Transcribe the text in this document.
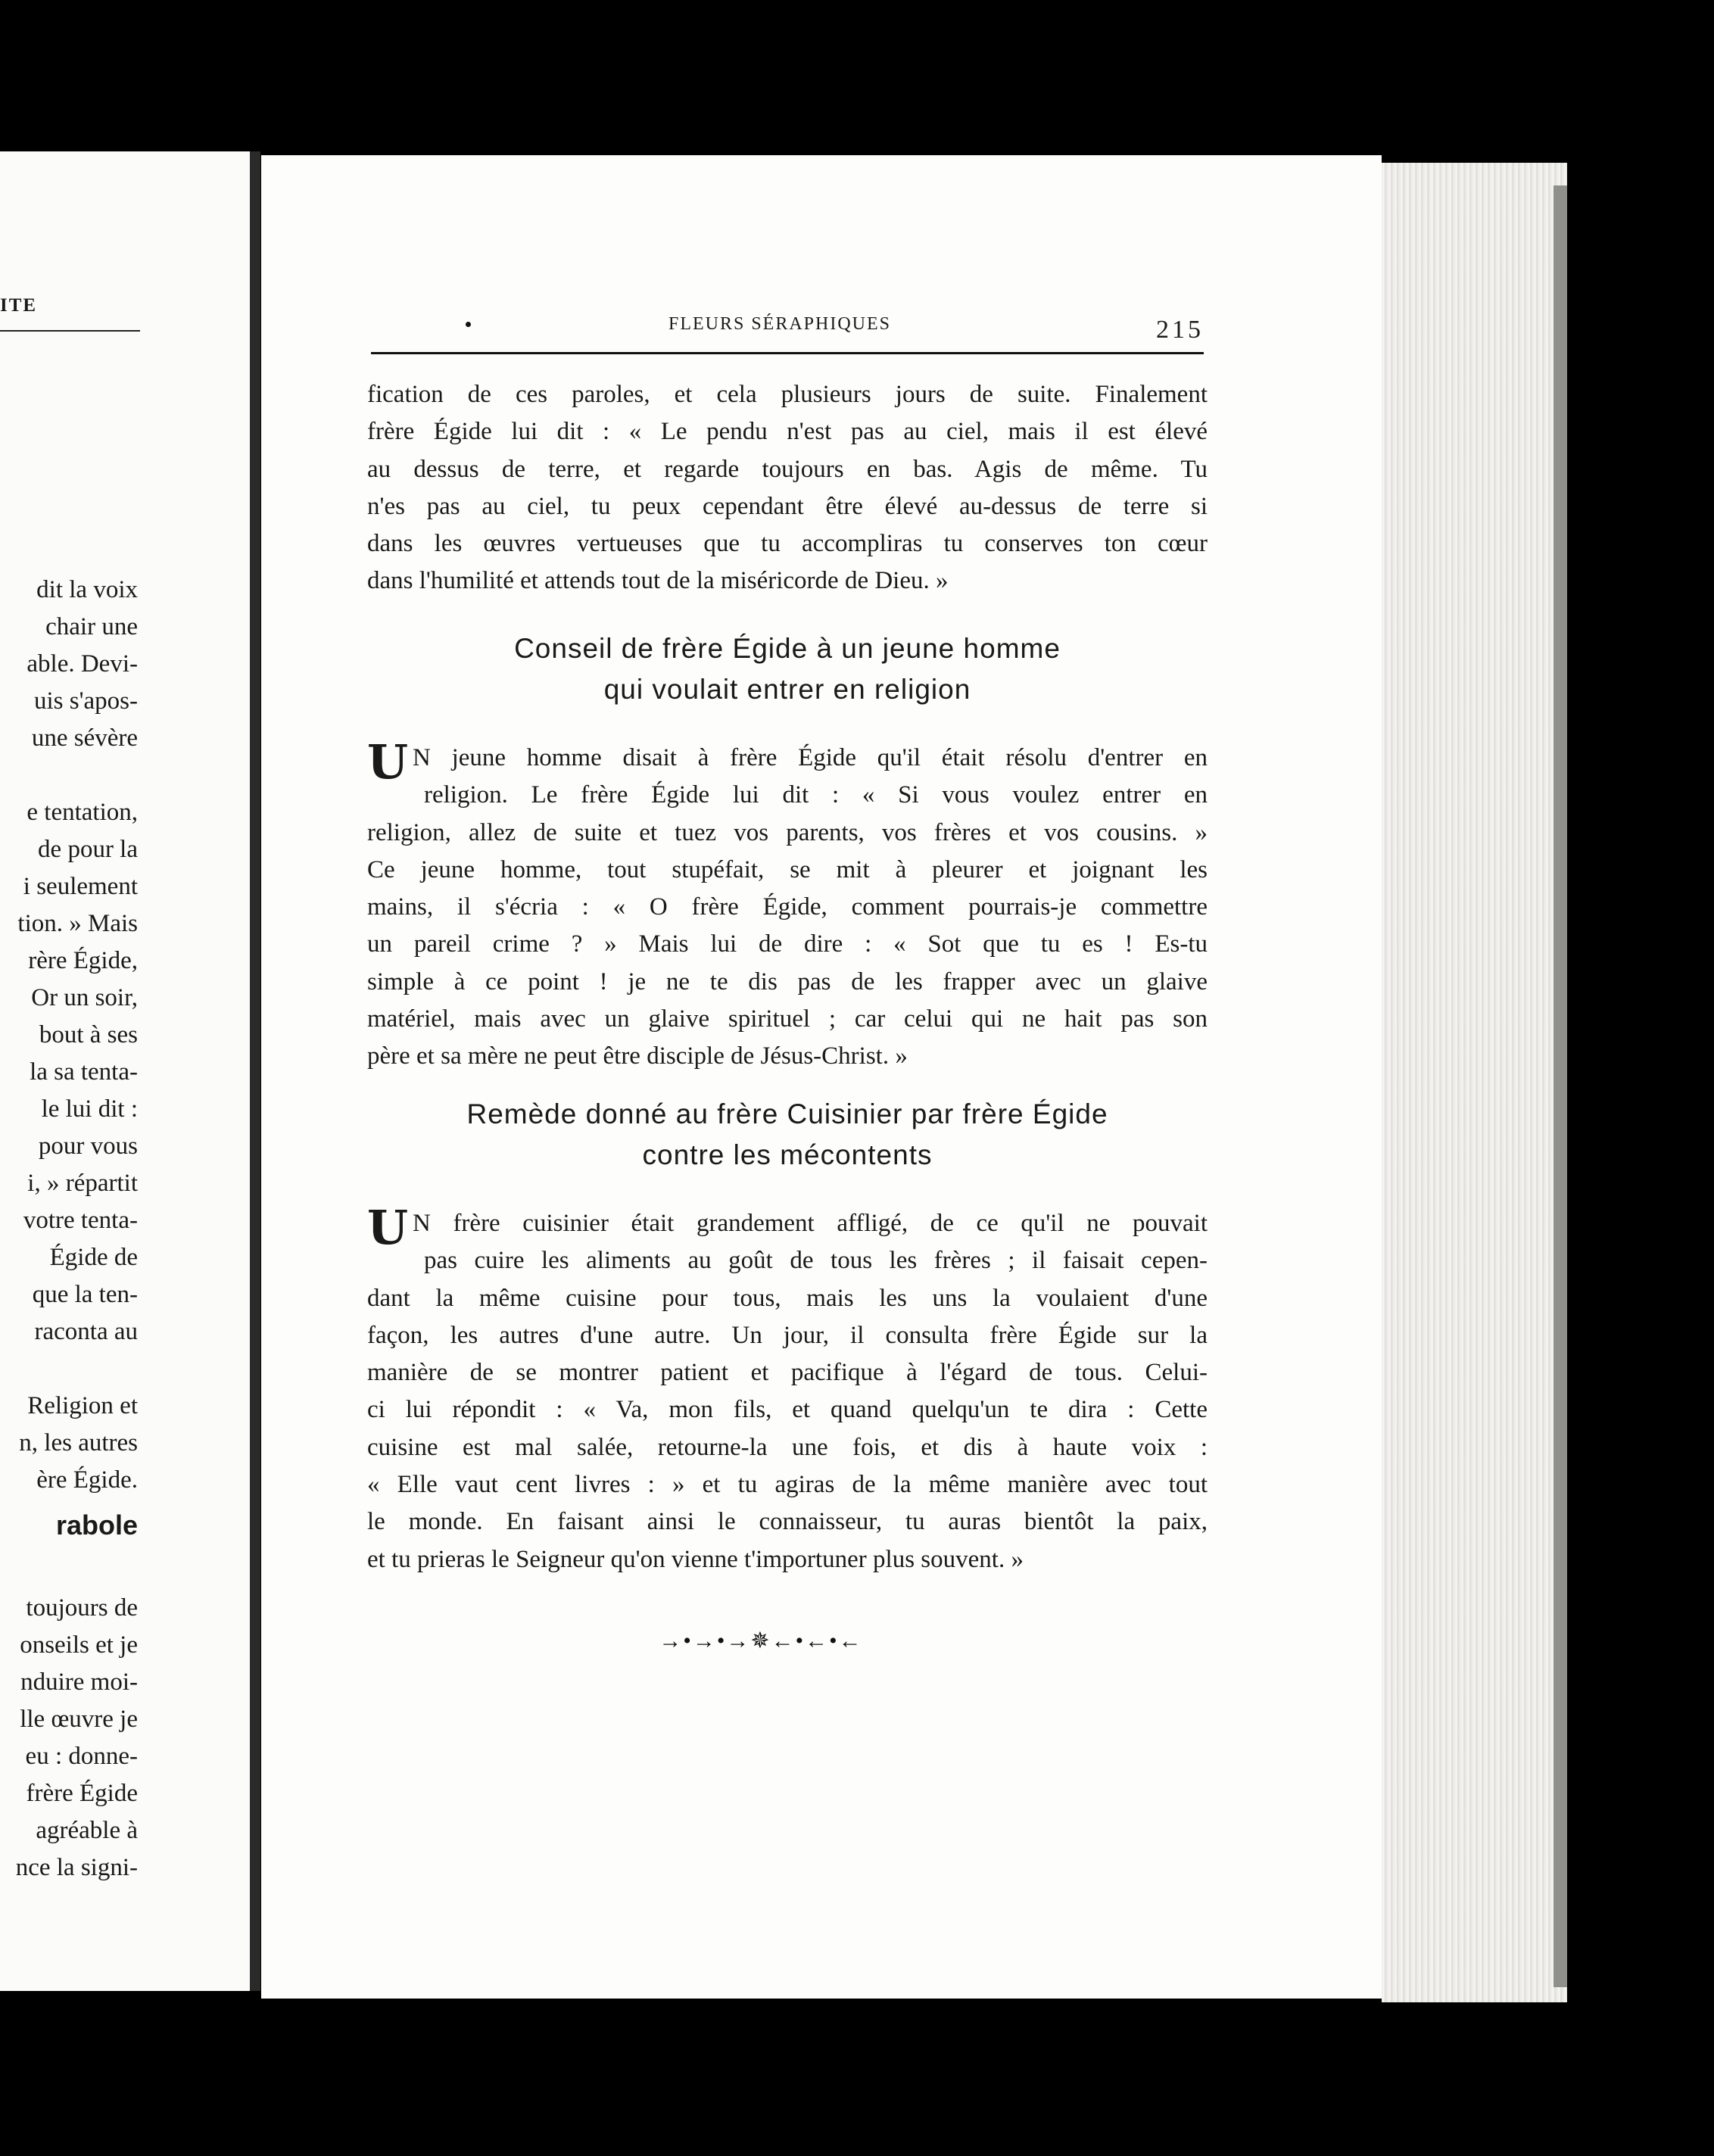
ITE
dit la voix
chair une
able. Devi-
uis s'apos-
une sévère
e tentation,
de pour la
i seulement
tion. » Mais
rère Égide,
Or un soir,
bout à ses
la sa tenta-
le lui dit :
pour vous
i, » répartit
votre tenta-
Égide de
que la ten-
raconta au
Religion et
n, les autres
ère Égide.
rabole
toujours de
onseils et je
nduire moi-
lle œuvre je
eu : donne-
frère Égide
agréable à
nce la signi-
FLEURS SÉRAPHIQUES	215
fication de ces paroles, et cela plusieurs jours de suite. Finalement
frère Égide lui dit : « Le pendu n'est pas au ciel, mais il est élevé
au dessus de terre, et regarde toujours en bas. Agis de même. Tu
n'es pas au ciel, tu peux cependant être élevé au-dessus de terre si
dans les œuvres vertueuses que tu accompliras tu conserves ton cœur
dans l'humilité et attends tout de la miséricorde de Dieu. »
Conseil de frère Égide à un jeune homme
qui voulait entrer en religion
U N jeune homme disait à frère Égide qu'il était résolu d'entrer en
religion. Le frère Égide lui dit : « Si vous voulez entrer en
religion, allez de suite et tuez vos parents, vos frères et vos cousins. »
Ce jeune homme, tout stupéfait, se mit à pleurer et joignant les
mains, il s'écria : « O frère Égide, comment pourrais-je commettre
un pareil crime ? » Mais lui de dire : « Sot que tu es ! Es-tu
simple à ce point ! je ne te dis pas de les frapper avec un glaive
matériel, mais avec un glaive spirituel ; car celui qui ne hait pas son
père et sa mère ne peut être disciple de Jésus-Christ. »
Remède donné au frère Cuisinier par frère Égide
contre les mécontents
U N frère cuisinier était grandement affligé, de ce qu'il ne pouvait
pas cuire les aliments au goût de tous les frères ; il faisait cepen-
dant la même cuisine pour tous, mais les uns la voulaient d'une
façon, les autres d'une autre. Un jour, il consulta frère Égide sur la
manière de se montrer patient et pacifique à l'égard de tous. Celui-
ci lui répondit : « Va, mon fils, et quand quelqu'un te dira : Cette
cuisine est mal salée, retourne-la une fois, et dis à haute voix :
« Elle vaut cent livres : » et tu agiras de la même manière avec tout
le monde. En faisant ainsi le connaisseur, tu auras bientôt la paix,
et tu prieras le Seigneur qu'on vienne t'importuner plus souvent. »
→•→•→✵←•←•←
